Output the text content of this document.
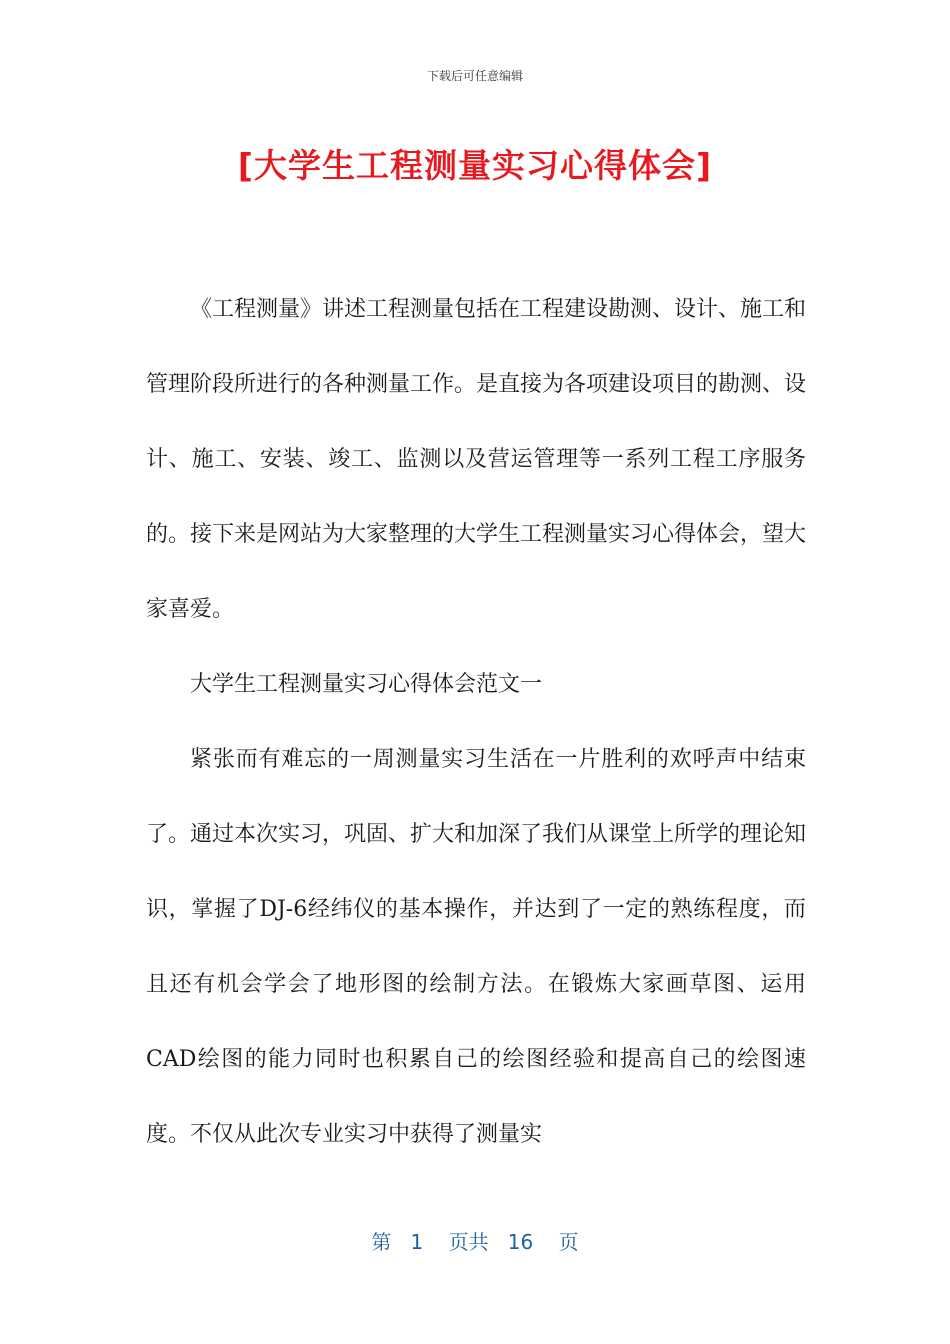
下载后可任意编辑
[大学生工程测量实习心得体会]

《工程测量》讲述工程测量包括在工程建设勘测、设计、施工和管理阶段所进行的各种测量工作。是直接为各项建设项目的勘测、设计、施工、安装、竣工、监测以及营运管理等一系列工程工序服务的。接下来是网站为大家整理的大学生工程测量实习心得体会，望大家喜爱。

大学生工程测量实习心得体会范文一

紧张而有难忘的一周测量实习生活在一片胜利的欢呼声中结束了。通过本次实习，巩固、扩大和加深了我们从课堂上所学的理论知识，掌握了DJ-6经纬仪的基本操作，并达到了一定的熟练程度，而且还有机会学会了地形图的绘制方法。在锻炼大家画草图、运用CAD绘图的能力同时也积累自己的绘图经验和提高自己的绘图速度。不仅从此次专业实习中获得了测量实

第 1 页共 16 页
